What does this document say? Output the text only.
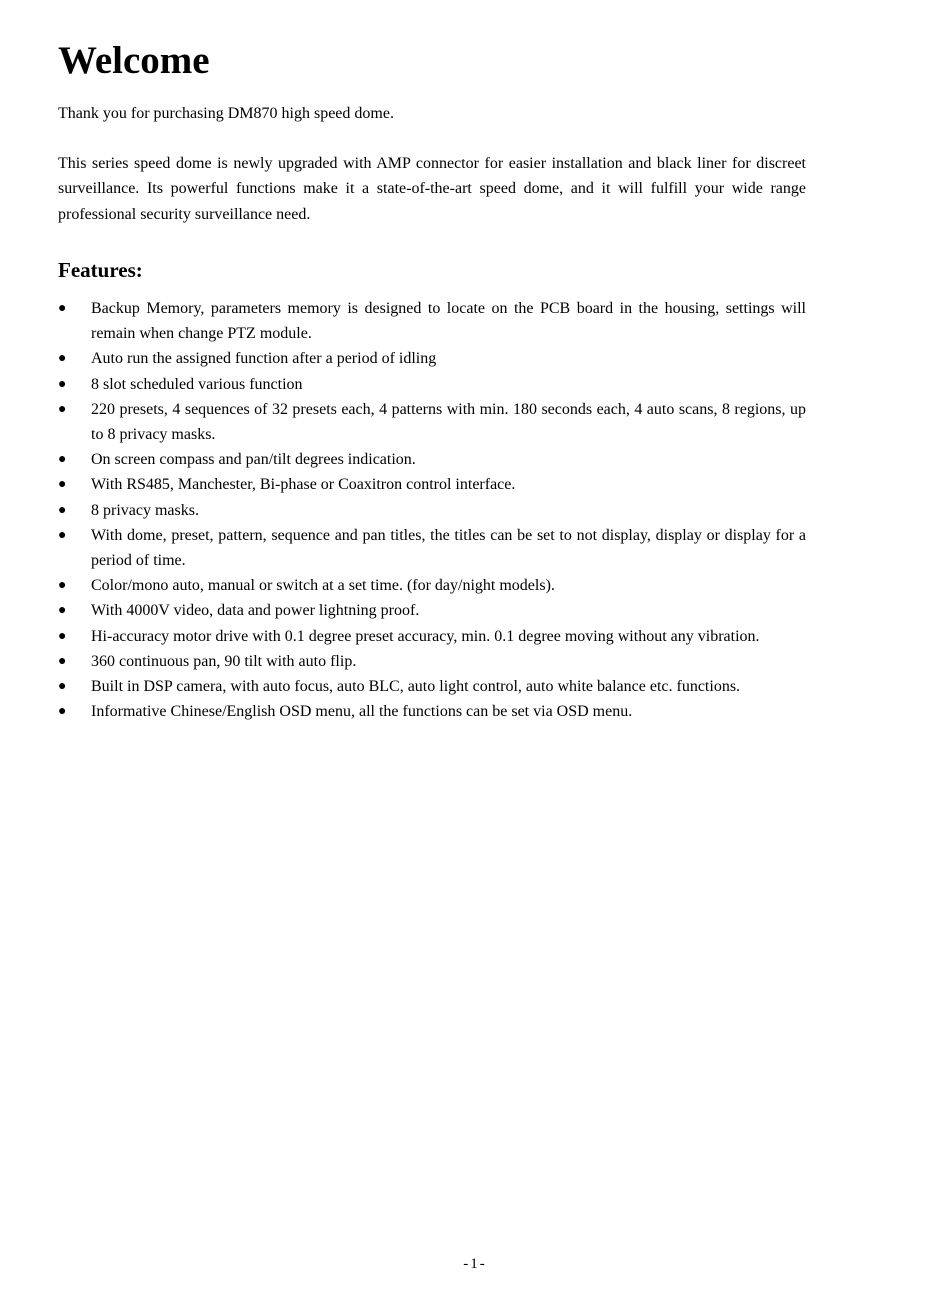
Welcome

Thank you for purchasing DM870 high speed dome.

This series speed dome is newly upgraded with AMP connector for easier installation and black liner for discreet surveillance. Its powerful functions make it a state-of-the-art speed dome, and it will fulfill your wide range professional security surveillance need.

Features:
● Backup Memory, parameters memory is designed to locate on the PCB board in the housing, settings will remain when change PTZ module.
● Auto run the assigned function after a period of idling
● 8 slot scheduled various function
● 220 presets, 4 sequences of 32 presets each, 4 patterns with min. 180 seconds each, 4 auto scans, 8 regions, up to 8 privacy masks.
● On screen compass and pan/tilt degrees indication.
● With RS485, Manchester, Bi-phase or Coaxitron control interface.
● 8 privacy masks.
● With dome, preset, pattern, sequence and pan titles, the titles can be set to not display, display or display for a period of time.
● Color/mono auto, manual or switch at a set time. (for day/night models).
● With 4000V video, data and power lightning proof.
● Hi-accuracy motor drive with 0.1 degree preset accuracy, min. 0.1 degree moving without any vibration.
● 360 continuous pan, 90 tilt with auto flip.
● Built in DSP camera, with auto focus, auto BLC, auto light control, auto white balance etc. functions.
● Informative Chinese/English OSD menu, all the functions can be set via OSD menu.
-1-
